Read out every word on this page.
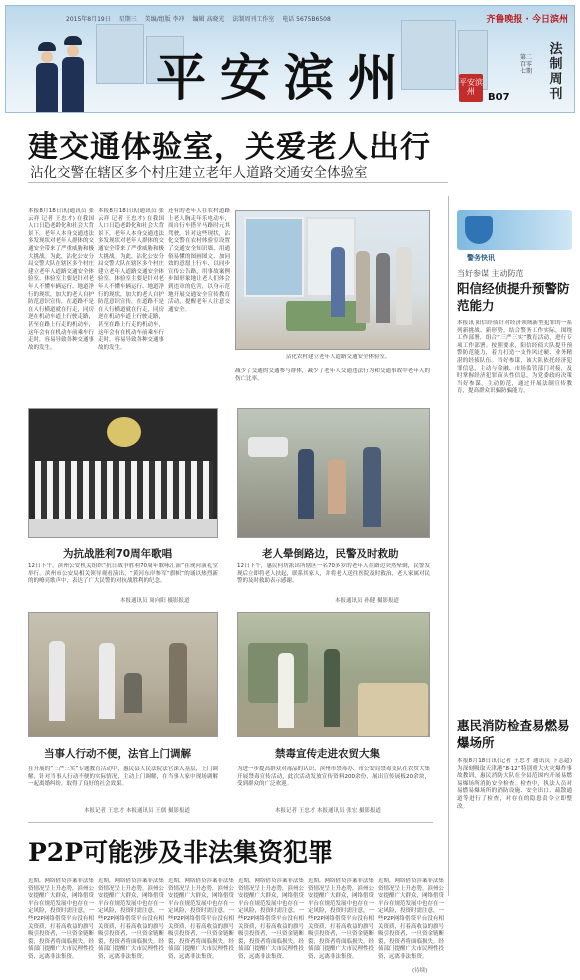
2015年8月19日 星期三 美编/组版 李冲 编辑 高晓光 法制周刊工作室 电话 5675B6508	齐鲁晚报 · 今日滨州
平安滨州	平安滨州
B07
第二百零七期
法制周刊
建交通体验室，关爱老人出行
沾化交警在辖区多个村庄建立老年人道路交通安全体验室
本报8月18日讯(通讯员 张云祥 记者 王忠才) 在我国人口日趋老龄化和社会大背景下，老年人本身交通违法多发现状对老年人群体的交通安全带来了严重威胁和极大挑战。为此，沾化公安分局交警大队在辖区多个村庄建立老年人道路交通安全体验室。体验室主要是针对老年人不懂车辆运行、地道净行的现状，加大的老人自护防范意识宣传，在道路不是在人行横道就在行走，同房逆在机动车道上行驶走路，甚至在路上行走的机动车，这年会有在机动车前乘车行走时，容易导致各种交通事故的发生。
本报8月18日讯(通讯员 张云祥 记者 王忠才) 在我国人口日趋老龄化和社会大背景下，老年人本身交通违法多发现状对老年人群体的交通安全带来了严重威胁和极大挑战。为此，沾化公安分局交警大队在辖区多个村庄建立老年人道路交通安全体验室。体验室主要是针对老年人不懂车辆运行、地道净行的现状，加大的老人自护防范意识宣传，在道路不是在人行横道就在行走，同房逆在机动车道上行驶走路，甚至在路上行走的机动车，这年会有在机动车前乘车行走时，容易导致各种交通事故的发生。
还有的老年人在农村道路上老人胸走年乐电动车，周自行车搭平马路时元其驾驶。针对这些现状，沾化交警在农村体验室设置了交通安全知识墙、用通俗易懂的图画图文、加同效的意愿上行车、以同步宣传公告路，用事故案例步图形象地让老人们体会到违章的危害，以身示范地开展交通安全宣传教育活动，提醒老年人注意交通安全。
沾化农村建立老年人道路交通安全体验室。
减少了交通的交通参与群体，减少了老年人交通违法行为和交通事故中老年人的伤亡比率。
警务快讯
当好参谋 主动防范
阳信经侦提升预警防范能力
本报讯 阳信经侦针对经济领域新型犯罪的一系列新挑战、新形势，结合警务工作实际，围绕工作部署，组合“三严三实”教育活动，进行专项工作部署。按照要求，阳信经侦大队提升预警防范能力，着力打造一支作风过硬、业务精湛的经侦队伍。当好参谋，该大队依托经济犯罪信息，主动与金融、市场监管部门对接，及时掌握经济犯罪苗头性信息，为党委政府决策当好参谋。主动防范，通过开展法制宣传教育，提高群众识骗防骗能力。
惠民消防检查易燃易爆场所
本报8月18日讯(记者 王忠才 通讯员 下志超) 为深刻吸取天津港“8·12”特别重大火灾爆炸事故教训，惠民消防大队在全县范围内开展易燃易爆场所消防安全检查。检查中，执法人员对易燃易爆场所的消防设施、安全出口、疏散通道等进行了检查，对存在的隐患责令立即整改。
为抗战胜利70周年歌唱	老人晕倒路边，民警及时救助
12日下午，滨州公安机关组织“抗日战争胜利70周年歌咏汇演”在现河演礼堂举行。滨州市公安局相关领导观看演出，“黄河东岸参军”旗帜”的诵以热烈新的的嘹亮歌声中，表达了广大民警的对抗战胜利的纪念。
本报通讯员 周向阳 摄影报道
12日下午，惠民何坊派出所辖区一名70多岁的老年人在路边突然晕倒，民警发现后立即将老人扶起，联系其家人，并将老人送往医院及时救治，老人家属对民警的及时救助表示感谢。
本报通讯员 孙健 摄影报道
当事人行动不便，法官上门调解	禁毒宣传走进农贸大集
在开展的“三严三实”专题教育活动中，惠民县人民法院法官深入基层，上门调解，针对当事人行动不便的实际情况，主动上门调解，在当事人家中现场调解一起离婚纠纷，取得了良好的社会效果。
本报记者 王忠才 本报通讯员 王儒 摄影报道
为进一步提高群众对毒品的认识，滨州市禁毒办、市公安局禁毒支队在农贸大集开展禁毒宣传活动，此次活动发放宣传资料200余份，展出宣传展板20余块，受到群众的广泛欢迎。
本报记者 王忠才 本报通讯员 张宏 摄影报道
P2P可能涉及非法集资犯罪
近期，网络借贷涉案非法集资情况呈上升态势，滨州公安提醒广大群众，网络借贷平台在规范发展中也存在一定风险，投资时需注意，一些P2P网络借贷平台没有相关资质，打着高收益的旗号吸引投资者，一旦资金链断裂，投资者将面临损失。经侦部门提醒广大市民理性投资，远离非法集资。
近期，网络借贷涉案非法集资情况呈上升态势，滨州公安提醒广大群众，网络借贷平台在规范发展中也存在一定风险，投资时需注意，一些P2P网络借贷平台没有相关资质，打着高收益的旗号吸引投资者，一旦资金链断裂，投资者将面临损失。经侦部门提醒广大市民理性投资，远离非法集资。
近期，网络借贷涉案非法集资情况呈上升态势，滨州公安提醒广大群众，网络借贷平台在规范发展中也存在一定风险，投资时需注意，一些P2P网络借贷平台没有相关资质，打着高收益的旗号吸引投资者，一旦资金链断裂，投资者将面临损失。经侦部门提醒广大市民理性投资，远离非法集资。
近期，网络借贷涉案非法集资情况呈上升态势，滨州公安提醒广大群众，网络借贷平台在规范发展中也存在一定风险，投资时需注意，一些P2P网络借贷平台没有相关资质，打着高收益的旗号吸引投资者，一旦资金链断裂，投资者将面临损失。经侦部门提醒广大市民理性投资，远离非法集资。
近期，网络借贷涉案非法集资情况呈上升态势，滨州公安提醒广大群众，网络借贷平台在规范发展中也存在一定风险，投资时需注意，一些P2P网络借贷平台没有相关资质，打着高收益的旗号吸引投资者，一旦资金链断裂，投资者将面临损失。经侦部门提醒广大市民理性投资，远离非法集资。
近期，网络借贷涉案非法集资情况呈上升态势，滨州公安提醒广大群众，网络借贷平台在规范发展中也存在一定风险，投资时需注意，一些P2P网络借贷平台没有相关资质，打着高收益的旗号吸引投资者，一旦资金链断裂，投资者将面临损失。经侦部门提醒广大市民理性投资，远离非法集资。
(待续)
